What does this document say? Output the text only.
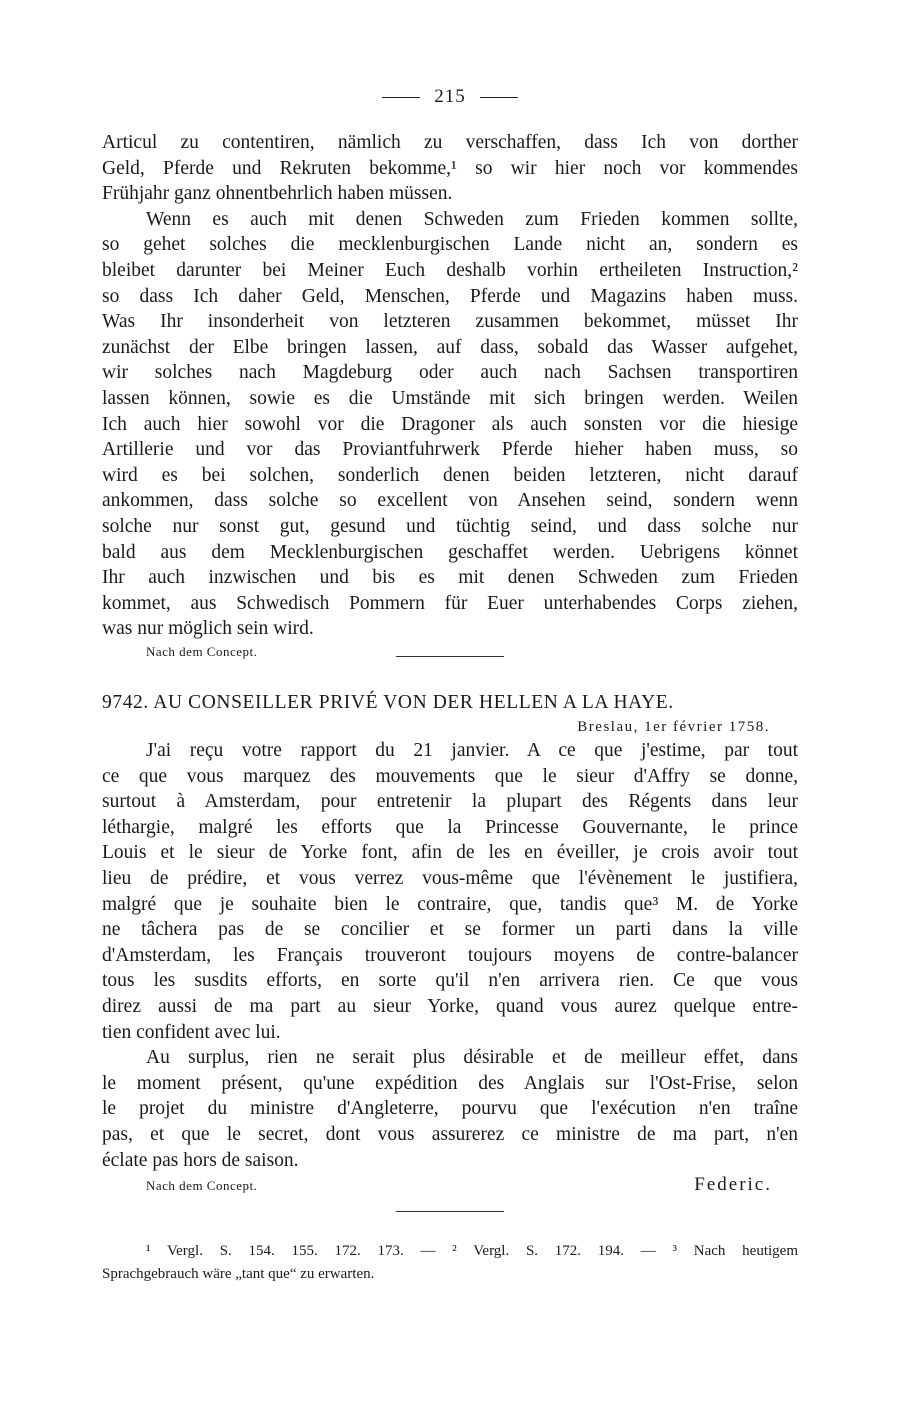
215
Articul zu contentiren, nämlich zu verschaffen, dass Ich von dorther
Geld, Pferde und Rekruten bekomme,¹ so wir hier noch vor kommendes
Frühjahr ganz ohnentbehrlich haben müssen.
Wenn es auch mit denen Schweden zum Frieden kommen sollte,
so gehet solches die mecklenburgischen Lande nicht an, sondern es
bleibet darunter bei Meiner Euch deshalb vorhin ertheileten Instruction,²
so dass Ich daher Geld, Menschen, Pferde und Magazins haben muss.
Was Ihr insonderheit von letzteren zusammen bekommet, müsset Ihr
zunächst der Elbe bringen lassen, auf dass, sobald das Wasser aufgehet,
wir solches nach Magdeburg oder auch nach Sachsen transportiren
lassen können, sowie es die Umstände mit sich bringen werden. Weilen
Ich auch hier sowohl vor die Dragoner als auch sonsten vor die hiesige
Artillerie und vor das Proviantfuhrwerk Pferde hieher haben muss, so
wird es bei solchen, sonderlich denen beiden letzteren, nicht darauf
ankommen, dass solche so excellent von Ansehen seind, sondern wenn
solche nur sonst gut, gesund und tüchtig seind, und dass solche nur
bald aus dem Mecklenburgischen geschaffet werden. Uebrigens könnet
Ihr auch inzwischen und bis es mit denen Schweden zum Frieden
kommet, aus Schwedisch Pommern für Euer unterhabendes Corps ziehen,
was nur möglich sein wird.
Nach dem Concept.
9742. AU CONSEILLER PRIVÉ VON DER HELLEN A LA HAYE.
Breslau, 1er février 1758.
J'ai reçu votre rapport du 21 janvier. A ce que j'estime, par tout
ce que vous marquez des mouvements que le sieur d'Affry se donne,
surtout à Amsterdam, pour entretenir la plupart des Régents dans leur
léthargie, malgré les efforts que la Princesse Gouvernante, le prince
Louis et le sieur de Yorke font, afin de les en éveiller, je crois avoir tout
lieu de prédire, et vous verrez vous-même que l'évènement le justifiera,
malgré que je souhaite bien le contraire, que, tandis que³ M. de Yorke
ne tâchera pas de se concilier et se former un parti dans la ville
d'Amsterdam, les Français trouveront toujours moyens de contre-balancer
tous les susdits efforts, en sorte qu'il n'en arrivera rien. Ce que vous
direz aussi de ma part au sieur Yorke, quand vous aurez quelque entre-
tien confident avec lui.
Au surplus, rien ne serait plus désirable et de meilleur effet, dans
le moment présent, qu'une expédition des Anglais sur l'Ost-Frise, selon
le projet du ministre d'Angleterre, pourvu que l'exécution n'en traîne
pas, et que le secret, dont vous assurerez ce ministre de ma part, n'en
éclate pas hors de saison.
Nach dem Concept.	Federic.
¹ Vergl. S. 154. 155. 172. 173. — ² Vergl. S. 172. 194. — ³ Nach heutigem
Sprachgebrauch wäre „tant que“ zu erwarten.
